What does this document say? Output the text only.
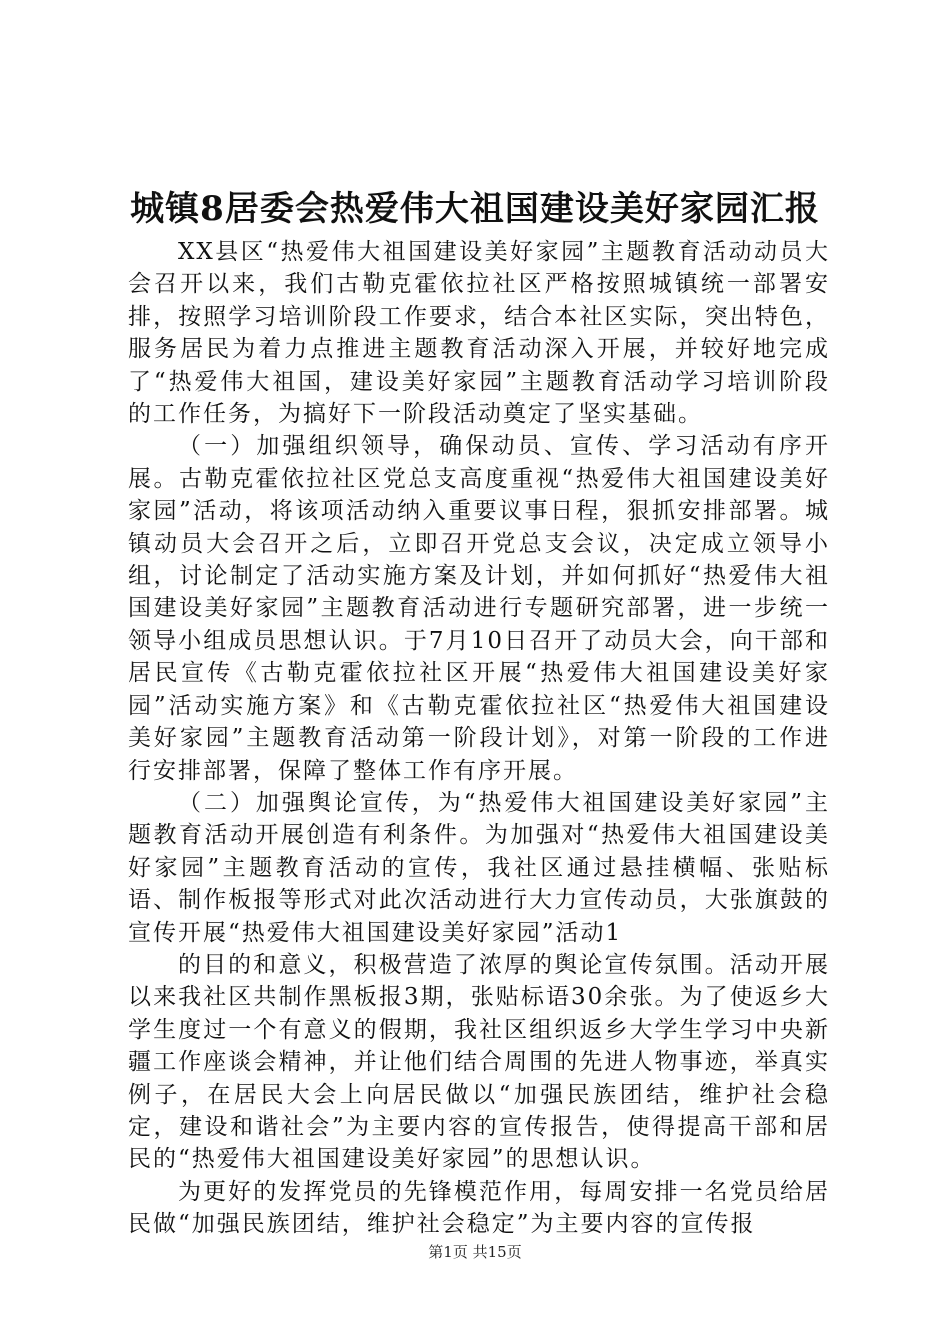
城镇8居委会热爱伟大祖国建设美好家园汇报

XX县区“热爱伟大祖国建设美好家园”主题教育活动动员大会召开以来，我们古勒克霍依拉社区严格按照城镇统一部署安排，按照学习培训阶段工作要求，结合本社区实际，突出特色，服务居民为着力点推进主题教育活动深入开展，并较好地完成了“热爱伟大祖国，建设美好家园”主题教育活动学习培训阶段的工作任务，为搞好下一阶段活动奠定了坚实基础。

（一）加强组织领导，确保动员、宣传、学习活动有序开展。古勒克霍依拉社区党总支高度重视“热爱伟大祖国建设美好家园”活动，将该项活动纳入重要议事日程，狠抓安排部署。城镇动员大会召开之后，立即召开党总支会议，决定成立领导小组，讨论制定了活动实施方案及计划，并如何抓好“热爱伟大祖国建设美好家园”主题教育活动进行专题研究部署，进一步统一领导小组成员思想认识。于7月10日召开了动员大会，向干部和居民宣传《古勒克霍依拉社区开展“热爱伟大祖国建设美好家园”活动实施方案》和《古勒克霍依拉社区“热爱伟大祖国建设美好家园”主题教育活动第一阶段计划》，对第一阶段的工作进行安排部署，保障了整体工作有序开展。

（二）加强舆论宣传，为“热爱伟大祖国建设美好家园”主题教育活动开展创造有利条件。为加强对“热爱伟大祖国建设美好家园”主题教育活动的宣传，我社区通过悬挂横幅、张贴标语、制作板报等形式对此次活动进行大力宣传动员，大张旗鼓的宣传开展“热爱伟大祖国建设美好家园”活动1

的目的和意义，积极营造了浓厚的舆论宣传氛围。活动开展以来我社区共制作黑板报3期，张贴标语30余张。为了使返乡大学生度过一个有意义的假期，我社区组织返乡大学生学习中央新疆工作座谈会精神，并让他们结合周围的先进人物事迹，举真实例子，在居民大会上向居民做以“加强民族团结，维护社会稳定，建设和谐社会”为主要内容的宣传报告，使得提高干部和居民的“热爱伟大祖国建设美好家园”的思想认识。

为更好的发挥党员的先锋模范作用，每周安排一名党员给居民做“加强民族团结，维护社会稳定”为主要内容的宣传报

第1页 共15页
